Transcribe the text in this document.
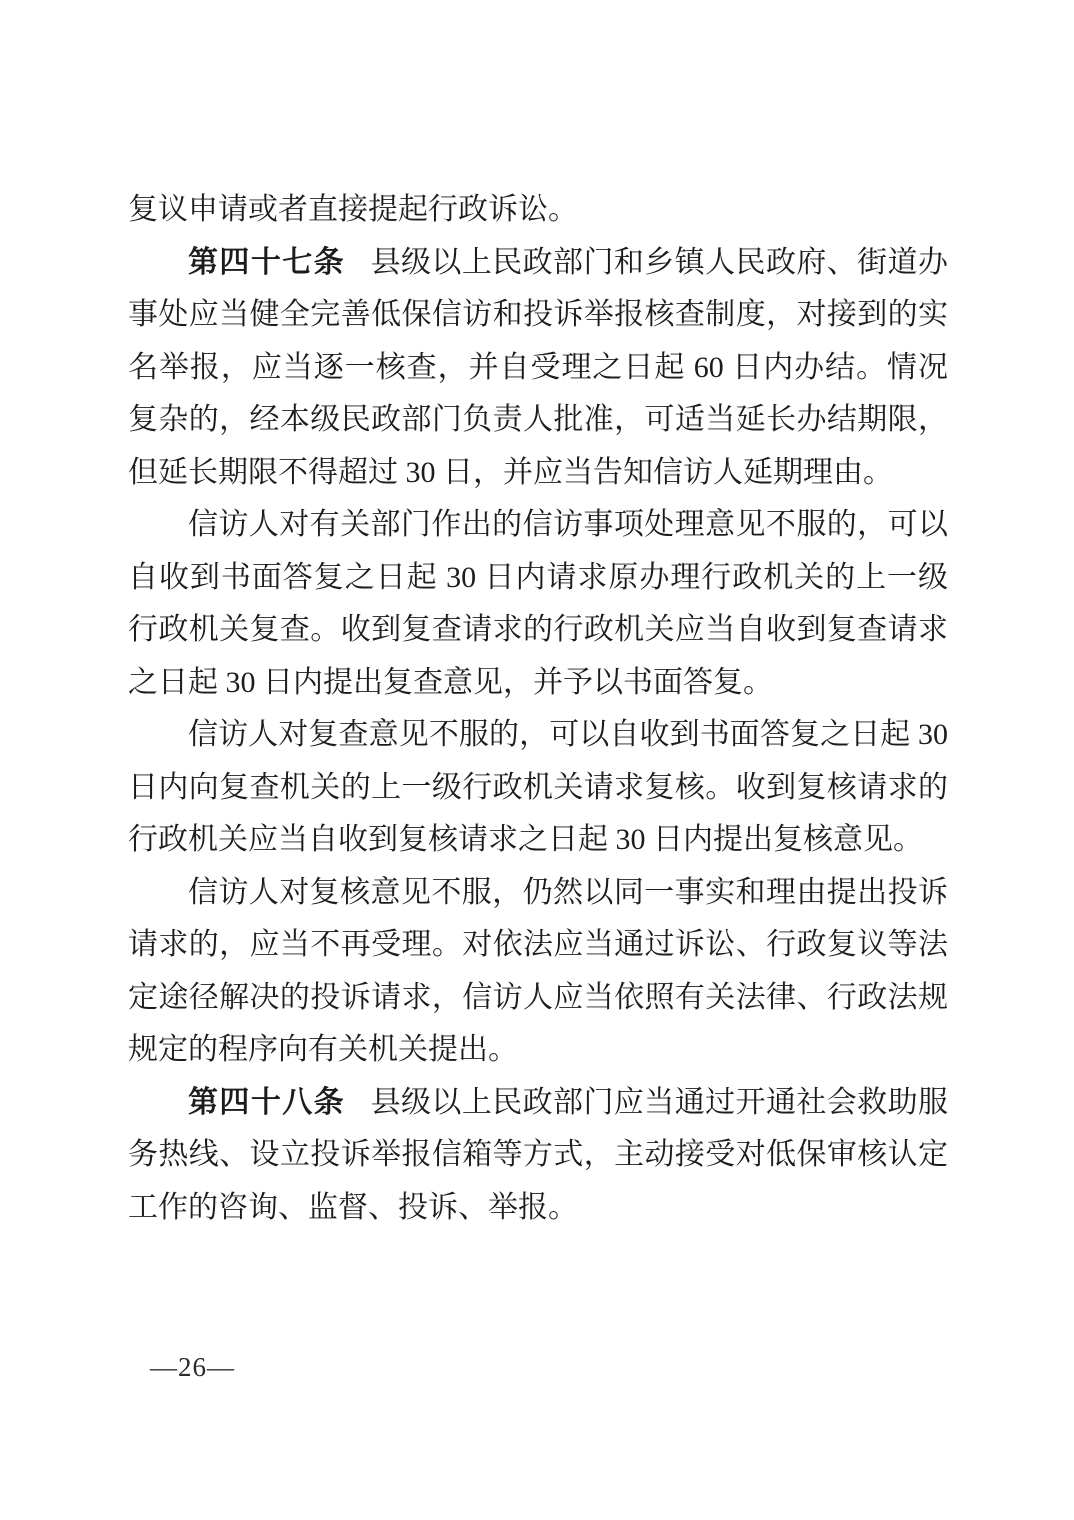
复议申请或者直接提起行政诉讼。

第四十七条 县级以上民政部门和乡镇人民政府、街道办事处应当健全完善低保信访和投诉举报核查制度，对接到的实名举报，应当逐一核查，并自受理之日起 60 日内办结。情况复杂的，经本级民政部门负责人批准，可适当延长办结期限，但延长期限不得超过 30 日，并应当告知信访人延期理由。

信访人对有关部门作出的信访事项处理意见不服的，可以自收到书面答复之日起 30 日内请求原办理行政机关的上一级行政机关复查。收到复查请求的行政机关应当自收到复查请求之日起 30 日内提出复查意见，并予以书面答复。

信访人对复查意见不服的，可以自收到书面答复之日起 30 日内向复查机关的上一级行政机关请求复核。收到复核请求的行政机关应当自收到复核请求之日起 30 日内提出复核意见。

信访人对复核意见不服，仍然以同一事实和理由提出投诉请求的，应当不再受理。对依法应当通过诉讼、行政复议等法定途径解决的投诉请求，信访人应当依照有关法律、行政法规规定的程序向有关机关提出。

第四十八条 县级以上民政部门应当通过开通社会救助服务热线、设立投诉举报信箱等方式，主动接受对低保审核认定工作的咨询、监督、投诉、举报。

—26—
